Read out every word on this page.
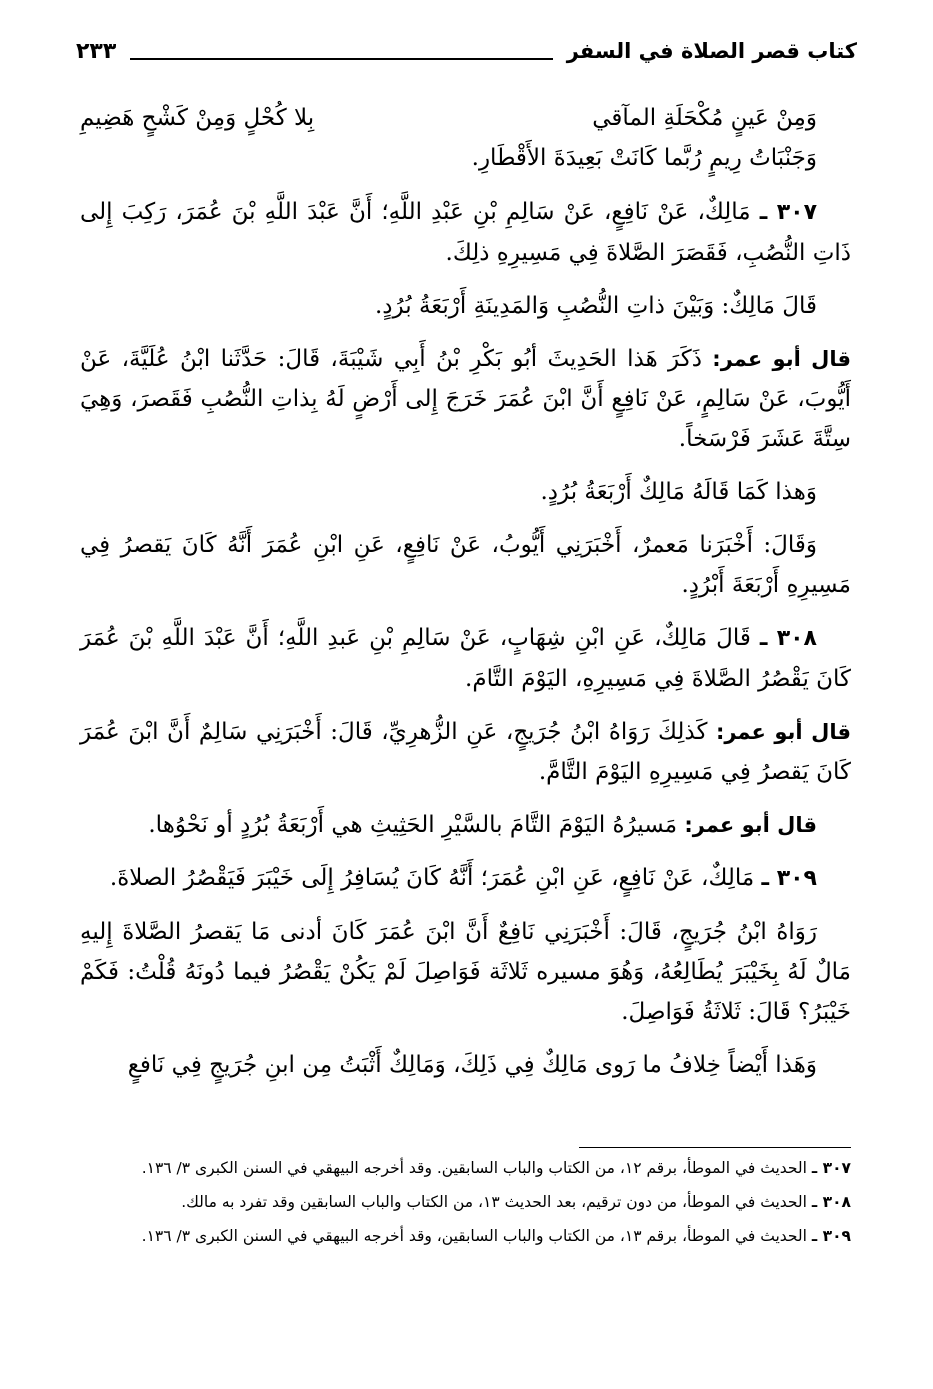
كتاب قصر الصلاة في السفر
٢٣٣
وَمِنْ عَينٍ مُكْحَلَةِ المآقي
بِلا كُحْلٍ وَمِنْ كَشْحٍ هَضِيمِ
وَجَنْبَاتُ رِيمٍ رُبَّما كَانَتْ بَعِيدَةَ الأَقْطَارِ.

٣٠٧ ـ مَالِكٌ، عَنْ نَافِعٍ، عَنْ سَالِمِ بْنِ عَبْدِ اللَّهِ؛ أَنَّ عَبْدَ اللَّهِ بْنَ عُمَرَ، رَكِبَ إِلى ذَاتِ النُّصُبِ، فَقَصَرَ الصَّلاةَ فِي مَسِيرِهِ ذلِكَ.

قَالَ مَالِكٌ: وَبَيْنَ ذاتِ النُّصُبِ وَالمَدِينَةِ أَرْبَعَةُ بُرُدٍ.

قال أبو عمر: ذَكَرَ هَذا الحَدِيثَ أبُو بَكْرِ بْنُ أَبِي شَيْبَةَ، قَالَ: حَدَّثَنا ابْنُ عُلَيَّةَ، عَنْ أَيُّوبَ، عَنْ سَالِمٍ، عَنْ نَافِعٍ أَنَّ ابْنَ عُمَرَ خَرَجَ إِلى أَرْضٍ لَهُ بِذاتِ النُّصُبِ فَقَصرَ، وَهِيَ سِتَّةَ عَشَرَ فَرْسَخاً.

وَهذا كَمَا قَالَهُ مَالِكٌ أَرْبَعَةُ بُرُدٍ.

وَقَالَ: أَخْبَرَنا مَعمرٌ، أَخْبَرَنِي أَيُّوبُ، عَنْ نَافِعٍ، عَنِ ابْنِ عُمَرَ أَنَّهُ كَانَ يَقصرُ فِي مَسِيرِهِ أَرْبَعَةَ أَبْرُدٍ.

٣٠٨ ـ قَالَ مَالِكٌ، عَنِ ابْنِ شِهَابٍ، عَنْ سَالِمِ بْنِ عَبدِ اللَّهِ؛ أَنَّ عَبْدَ اللَّهِ بْنَ عُمَرَ كَانَ يَقْصُرُ الصَّلاةَ فِي مَسِيرِهِ، اليَوْمَ التَّامَ.

قال أبو عمر: كَذلِكَ رَوَاهُ ابْنُ جُرَيجٍ، عَنِ الزُّهرِيِّ، قَالَ: أَخْبَرَنِي سَالِمٌ أَنَّ ابْنَ عُمَرَ كَانَ يَقصرُ فِي مَسِيرِهِ اليَوْمَ التَّامَّ.

قال أبو عمر: مَسيرُهُ اليَوْمَ التَّامَ بالسَّيْرِ الحَثِيثِ هي أَرْبَعَةُ بُرُدٍ أو نَحْوُها.

٣٠٩ ـ مَالِكٌ، عَنْ نَافِعٍ، عَنِ ابْنِ عُمَرَ؛ أَنَّهُ كَانَ يُسَافِرُ إِلَى خَيْبَرَ فَيَقْصُرُ الصلاةَ.

رَوَاهُ ابْنُ جُرَيجٍ، قَالَ: أَخْبَرَنِي نَافِعٌ أَنَّ ابْنَ عُمَرَ كَانَ أدنى مَا يَقصرُ الصَّلاةَ إِليهِ مَالٌ لَهُ بِخَيْبَرَ يُطَالِعُهُ، وَهُوَ مسيره ثَلاثَة فَوَاصِلَ لَمْ يَكُنْ يَقْصُرُ فيما دُونَهُ قُلْتُ: فَكَمْ خَيْبَرُ؟ قَالَ: ثَلاثَةُ فَوَاصِلَ.

وَهَذا أَيْضاً خِلافُ ما رَوى مَالِكٌ فِي ذَلِكَ، وَمَالِكٌ أَثْبَتُ مِن ابنِ جُرَيجٍ فِي نَافعٍ

٣٠٧ ـ الحديث في الموطأ، برقم ١٢، من الكتاب والباب السابقين. وقد أخرجه البيهقي في السنن الكبرى ٣/ ١٣٦.
٣٠٨ ـ الحديث في الموطأ، من دون ترقيم، بعد الحديث ١٣، من الكتاب والباب السابقين وقد تفرد به مالك.
٣٠٩ ـ الحديث في الموطأ، برقم ١٣، من الكتاب والباب السابقين، وقد أخرجه البيهقي في السنن الكبرى ٣/ ١٣٦.
